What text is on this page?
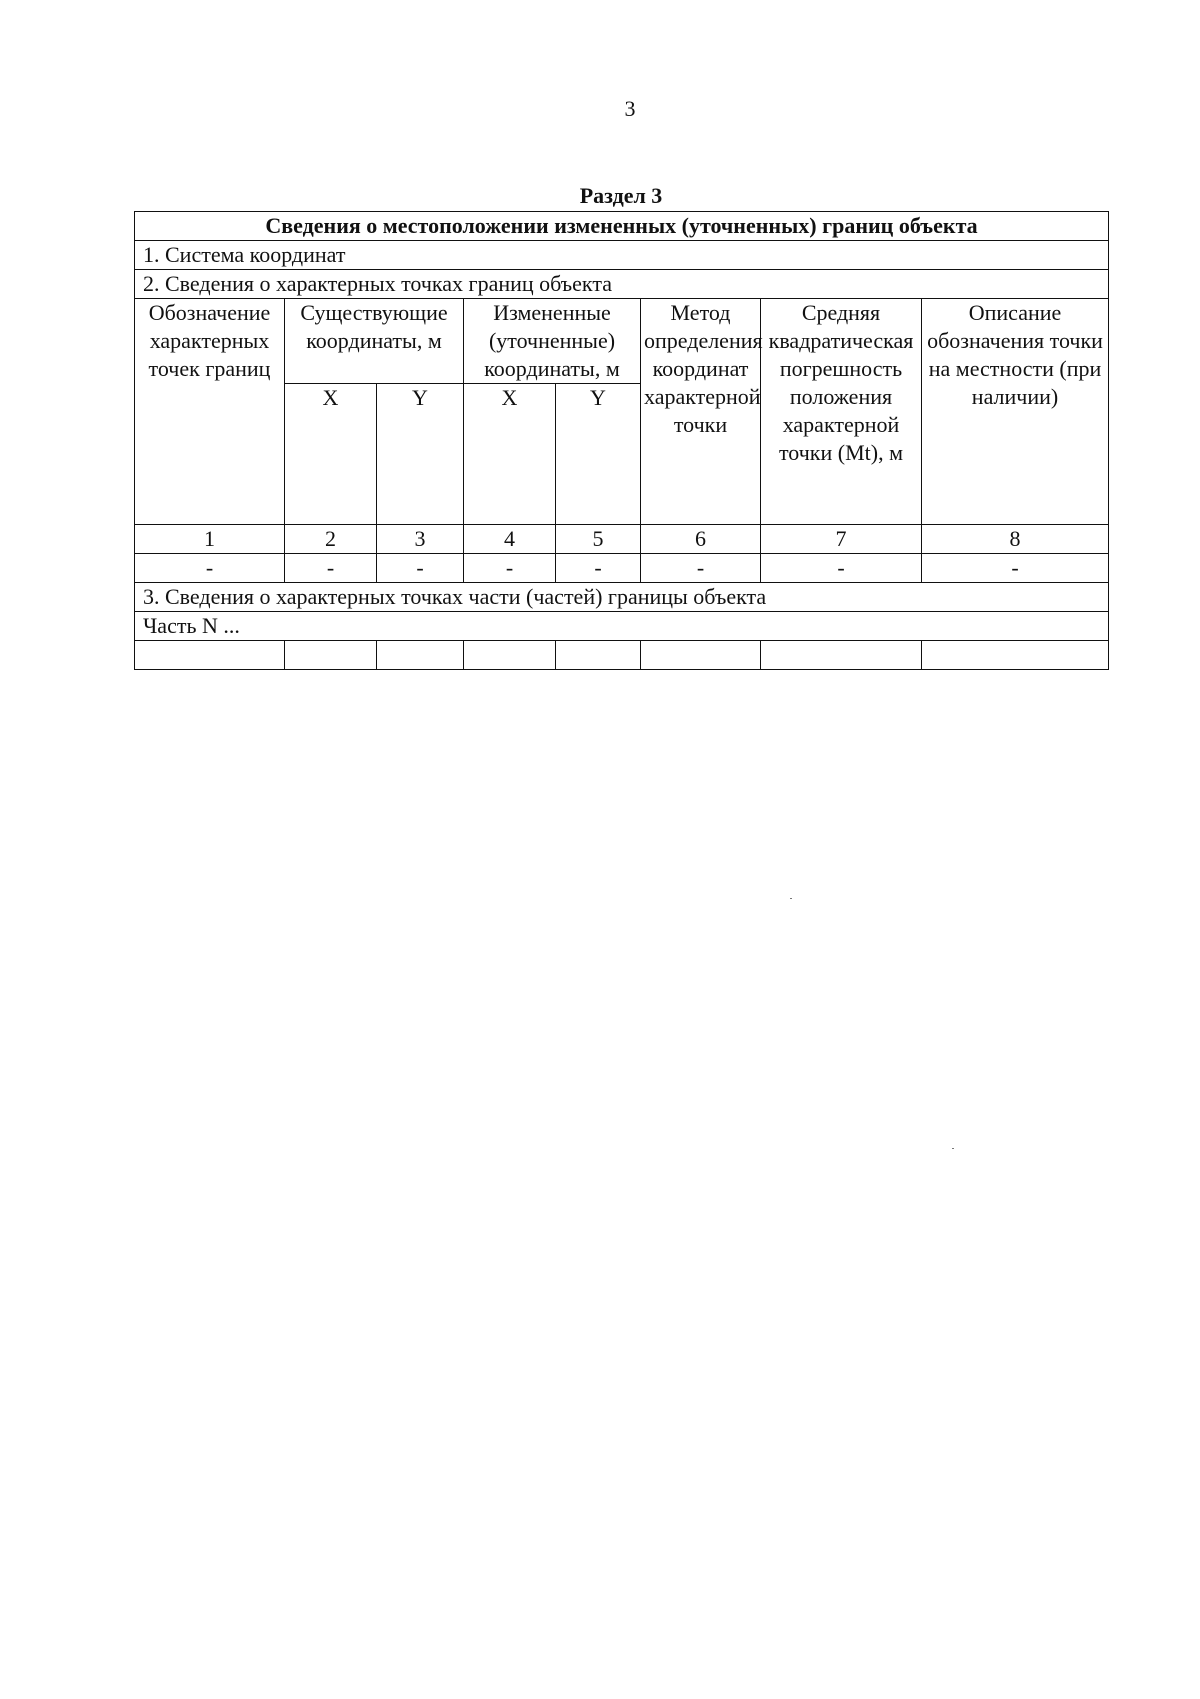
3
Раздел 3
Сведения о местоположении измененных (уточненных) границ объекта							
1. Система координат							
2. Сведения о характерных точках границ объекта							
Обозначение характерных точек границ	Существующие координаты, м		Измененные (уточненные) координаты, м		Метод определения координат характерной точки	Средняя квадратическая погрешность положения характерной точки (Mt), м	Описание обозначения точки на местности (при наличии)
	X	Y	X	Y			
1	2	3	4	5	6	7	8
-	-	-	-	-	-	-	-
3. Сведения о характерных точках части (частей) границы объекта							
Часть N ...							
